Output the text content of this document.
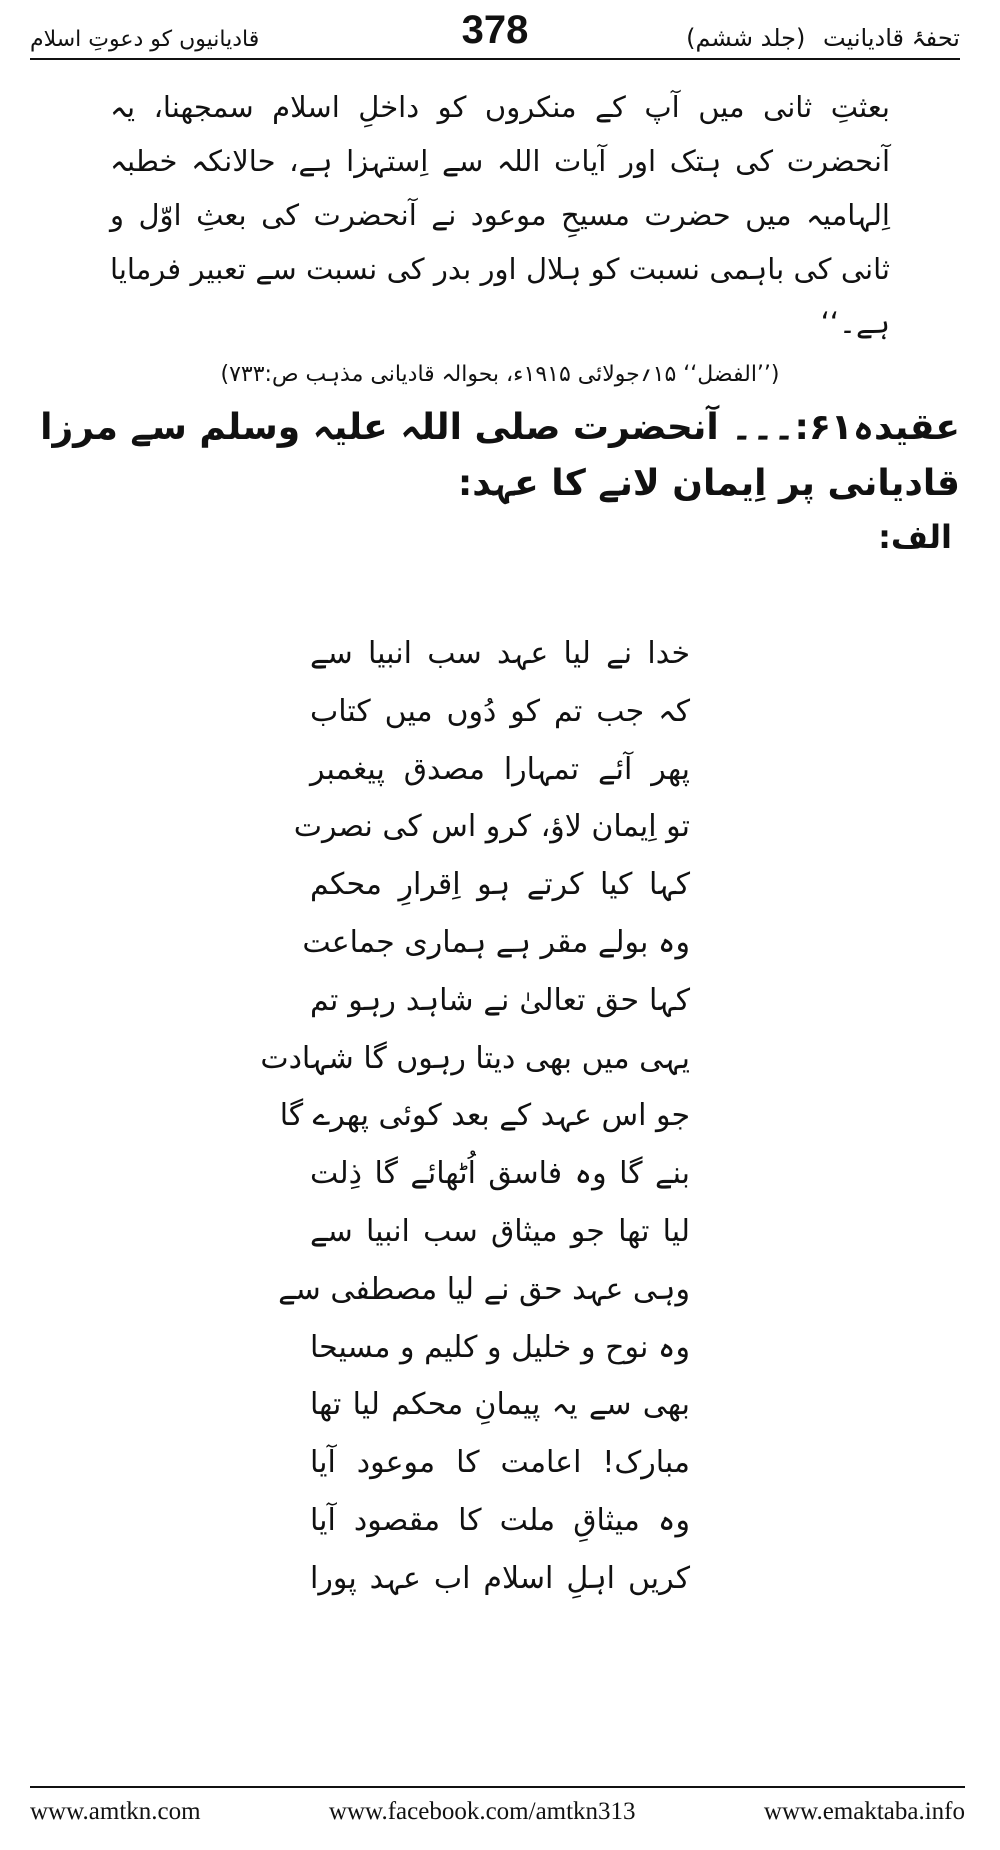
تحفۂ قادیانیت (جلد ششم)
378
قادیانیوں کو دعوتِ اسلام

بعثتِ ثانی میں آپ کے منکروں کو داخلِ اسلام سمجھنا، یہ آنحضرت کی ہتک اور آیات اللہ سے اِستہزا ہے، حالانکہ خطبہ اِلہامیہ میں حضرت مسیحِ موعود نے آنحضرت کی بعثِ اوّل و ثانی کی باہمی نسبت کو ہلال اور بدر کی نسبت سے تعبیر فرمایا ہے۔‘‘

(’’الفضل‘‘ ۱۵؍جولائی ۱۹۱۵ء، بحوالہ قادیانی مذہب ص:۷۳۳)
عقیدہ۶۱:۔۔۔ آنحضرت صلی اللہ علیہ وسلم سے مرزا قادیانی پر اِیمان لانے کا عہد:
الف:
خدا نے لیا عہد سب انبیا سے
کہ جب تم کو دُوں میں کتاب
پھر آئے تمہارا مصدق پیغمبر
تو اِیمان لاؤ، کرو اس کی نصرت
کہا کیا کرتے ہو اِقرارِ محکم
وہ بولے مقر ہے ہماری جماعت
کہا حق تعالیٰ نے شاہد رہو تم
یہی میں بھی دیتا رہوں گا شہادت
جو اس عہد کے بعد کوئی پھرے گا
بنے گا وہ فاسق اُٹھائے گا ذِلت
لیا تھا جو میثاق سب انبیا سے
وہی عہد حق نے لیا مصطفی سے
وہ نوح و خلیل و کلیم و مسیحا
بھی سے یہ پیمانِ محکم لیا تھا
مبارک! اعامت کا موعود آیا
وہ میثاقِ ملت کا مقصود آیا
کریں اہلِ اسلام اب عہد پورا
www.amtkn.com	www.facebook.com/amtkn313	www.emaktaba.info
